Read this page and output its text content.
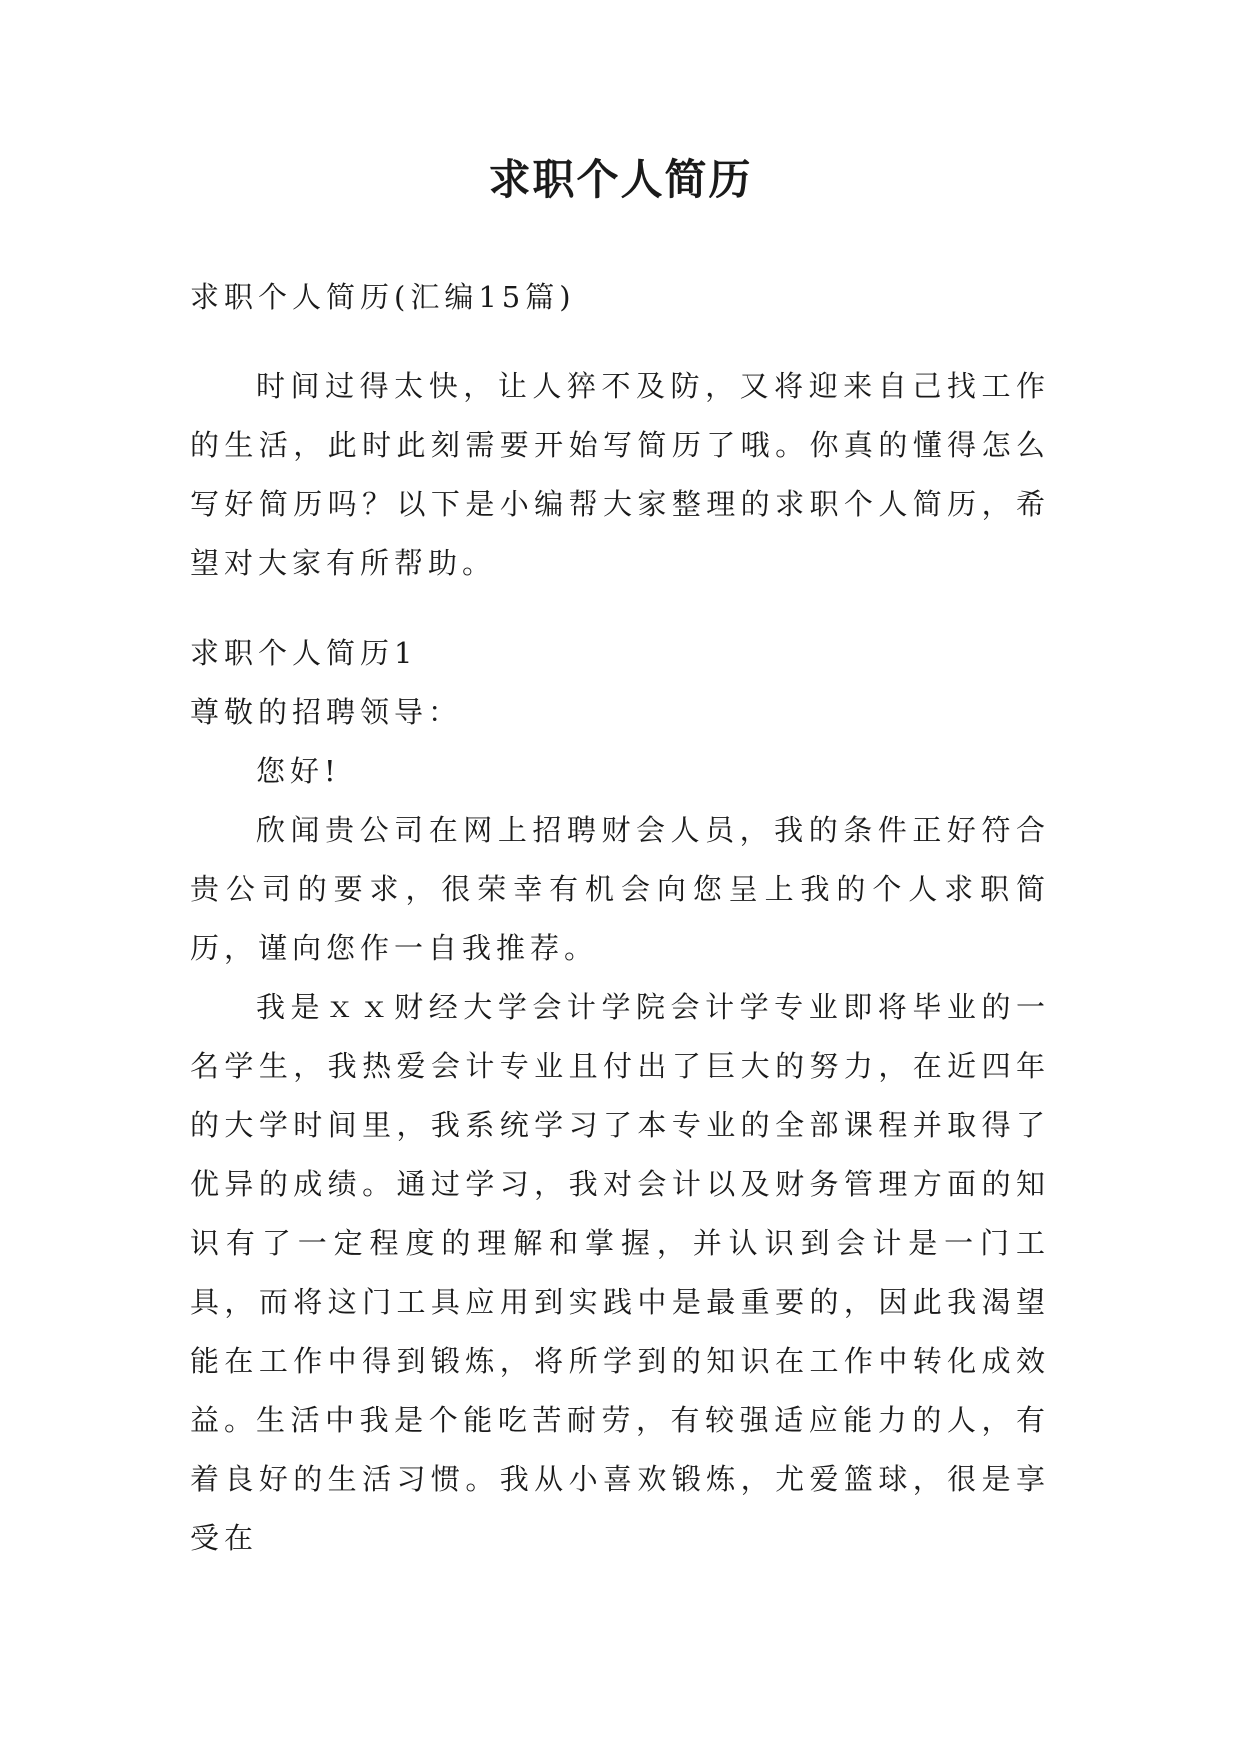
求职个人简历
求职个人简历(汇编15篇)
时间过得太快，让人猝不及防，又将迎来自己找工作的生活，此时此刻需要开始写简历了哦。你真的懂得怎么写好简历吗？以下是小编帮大家整理的求职个人简历，希望对大家有所帮助。
求职个人简历1
尊敬的招聘领导：
您好!
欣闻贵公司在网上招聘财会人员，我的条件正好符合贵公司的要求，很荣幸有机会向您呈上我的个人求职简历，谨向您作一自我推荐。
我是ｘｘ财经大学会计学院会计学专业即将毕业的一名学生，我热爱会计专业且付出了巨大的努力，在近四年的大学时间里，我系统学习了本专业的全部课程并取得了优异的成绩。通过学习，我对会计以及财务管理方面的知识有了一定程度的理解和掌握，并认识到会计是一门工具，而将这门工具应用到实践中是最重要的，因此我渴望能在工作中得到锻炼，将所学到的知识在工作中转化成效益。
生活中我是个能吃苦耐劳，有较强适应能力的人，有着良好的生活习惯。我从小喜欢锻炼，尤爱篮球，很是享受在
